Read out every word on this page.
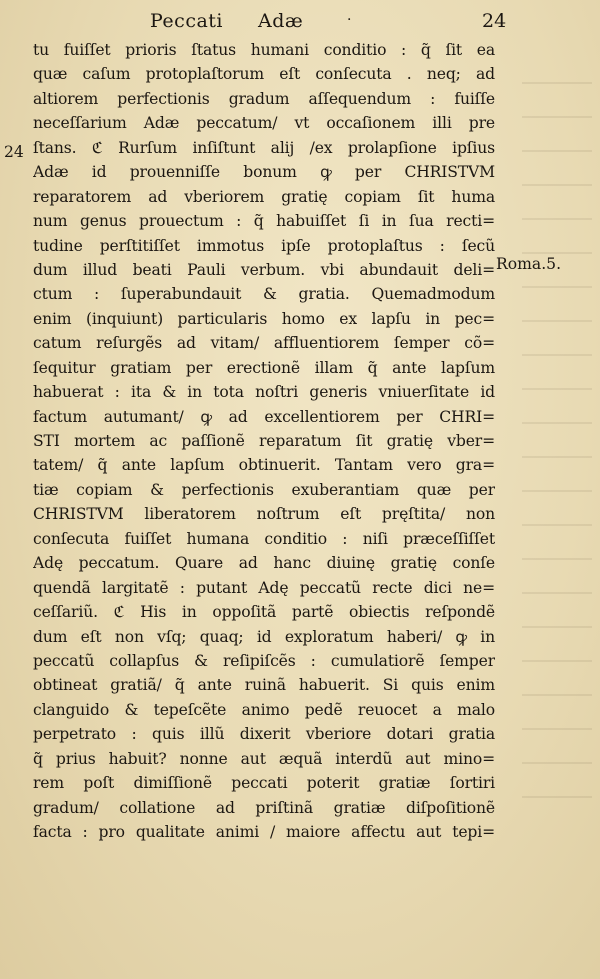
Peccati Adæ	·	24
24
Roma.5.
tu fuiſſet prioris ſtatus humani conditio : q̃ ſit ea
quæ caſum protoplaſtorum eſt conſecuta . neq; ad
altiorem perfectionis gradum aſſequendum : fuiſſe
neceſſarium Adæ peccatum/ vt occaſionem illi pre
ſtans. ℭ Rurſum inſiſtunt alij /ex prolapſione ipſius
Adæ id prouenniſſe bonum ꝙ per CHRISTVM
reparatorem ad vberiorem gratię copiam ſit huma
num genus prouectum : q̃ habuiſſet ſi in ſua recti=
tudine perſtitiſſet immotus ipſe protoplaſtus : ſecũ
dum illud beati Pauli verbum. vbi abundauit deli=
ctum : ſuperabundauit & gratia. Quemadmodum
enim (inquiunt) particularis homo ex lapſu in pec=
catum reſurgẽs ad vitam/ affluentiorem ſemper cõ=
ſequitur gratiam per erectionẽ illam q̃ ante lapſum
habuerat : ita & in tota noſtri generis vniuerſitate id
factum autumant/ ꝙ ad excellentiorem per CHRI=
STI mortem ac paſſionẽ reparatum ſit gratię vber=
tatem/ q̃ ante lapſum obtinuerit. Tantam vero gra=
tiæ copiam & perfectionis exuberantiam quæ per
CHRISTVM liberatorem noſtrum eſt pręſtita/ non
conſecuta fuiſſet humana conditio : niſi præceſſiſſet
Adę peccatum. Quare ad hanc diuinę gratię conſe
quendã largitatẽ : putant Adę peccatũ recte dici ne=
ceſſariũ. ℭ His in oppoſitã partẽ obiectis reſpondẽ
dum eſt non vſq; quaq; id exploratum haberi/ ꝙ in
peccatũ collapſus & reſipiſcẽs : cumulatiorẽ ſemper
obtineat gratiã/ q̃ ante ruinã habuerit. Si quis enim
clanguido & tepeſcẽte animo pedẽ reuocet a malo
perpetrato : quis illũ dixerit vberiore dotari gratia
q̃ prius habuit? nonne aut æquã interdũ aut mino=
rem poſt dimiſſionẽ peccati poterit gratiæ ſortiri
gradum/ collatione ad priſtinã gratiæ diſpoſitionẽ
facta : pro qualitate animi / maiore affectu aut tepi=
